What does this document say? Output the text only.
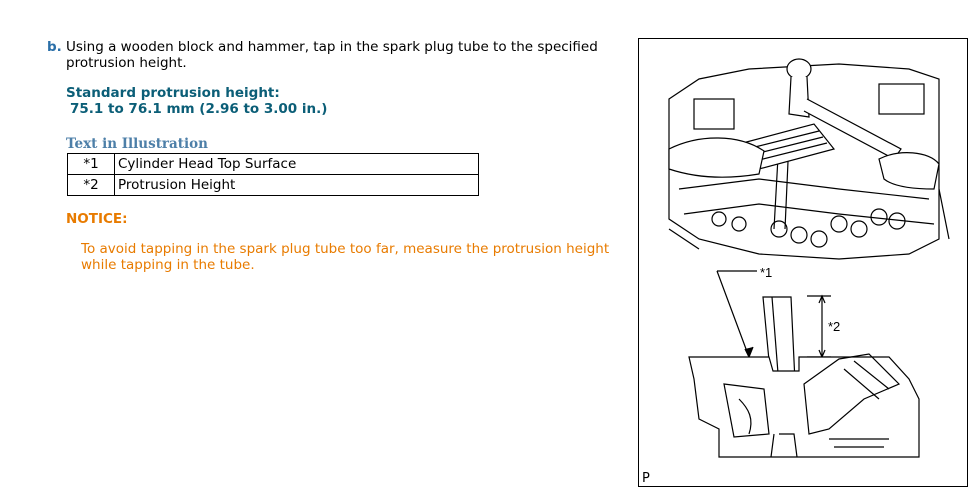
b. Using a wooden block and hammer, tap in the spark plug tube to the specified protrusion height.
Standard protrusion height:
75.1 to 76.1 mm (2.96 to 3.00 in.)
Text in Illustration
*1	Cylinder Head Top Surface
*2	Protrusion Height
NOTICE:
To avoid tapping in the spark plug tube too far, measure the protrusion height while tapping in the tube.	*1
*2
P
